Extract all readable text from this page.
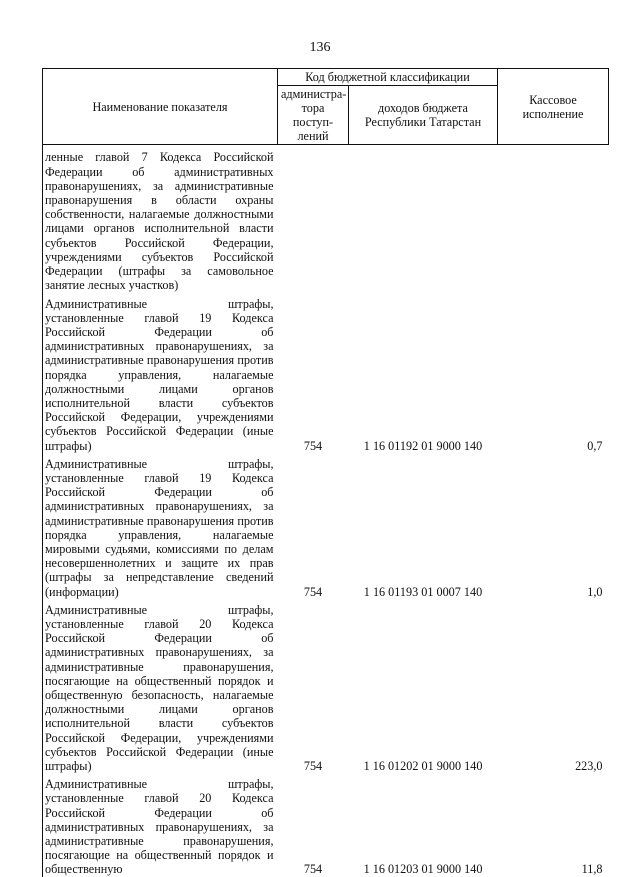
136
Наименование показателя	Код бюджетной классификации		Кассовое исполнение
	администра-тора поступ-лений	доходов бюджета Республики Татарстан	
ленные главой 7 Кодекса Российской Федерации об административных правонарушениях, за административные правонарушения в области охраны собственности, налагаемые должностными лицами органов исполнительной власти субъектов Российской Федерации, учреждениями субъектов Российской Федерации (штрафы за самовольное занятие лесных участков)			
Административные штрафы, установленные главой 19 Кодекса Российской Федерации об административных правонарушениях, за административные правонарушения против порядка управления, налагаемые должностными лицами органов исполнительной власти субъектов Российской Федерации, учреждениями субъектов Российской Федерации (иные штрафы)	754	1 16 01192 01 9000 140	0,7
Административные штрафы, установленные главой 19 Кодекса Российской Федерации об административных правонарушениях, за административные правонарушения против порядка управления, налагаемые мировыми судьями, комиссиями по делам несовершеннолетних и защите их прав (штрафы за непредставление сведений (информации)	754	1 16 01193 01 0007 140	1,0
Административные штрафы, установленные главой 20 Кодекса Российской Федерации об административных правонарушениях, за административные правонарушения, посягающие на общественный порядок и общественную безопасность, налагаемые должностными лицами органов исполнительной власти субъектов Российской Федерации, учреждениями субъектов Российской Федерации (иные штрафы)	754	1 16 01202 01 9000 140	223,0
Административные штрафы, установленные главой 20 Кодекса Российской Федерации об административных правонарушениях, за административные правонарушения, посягающие на общественный порядок и общественную	754	1 16 01203 01 9000 140	11,8
